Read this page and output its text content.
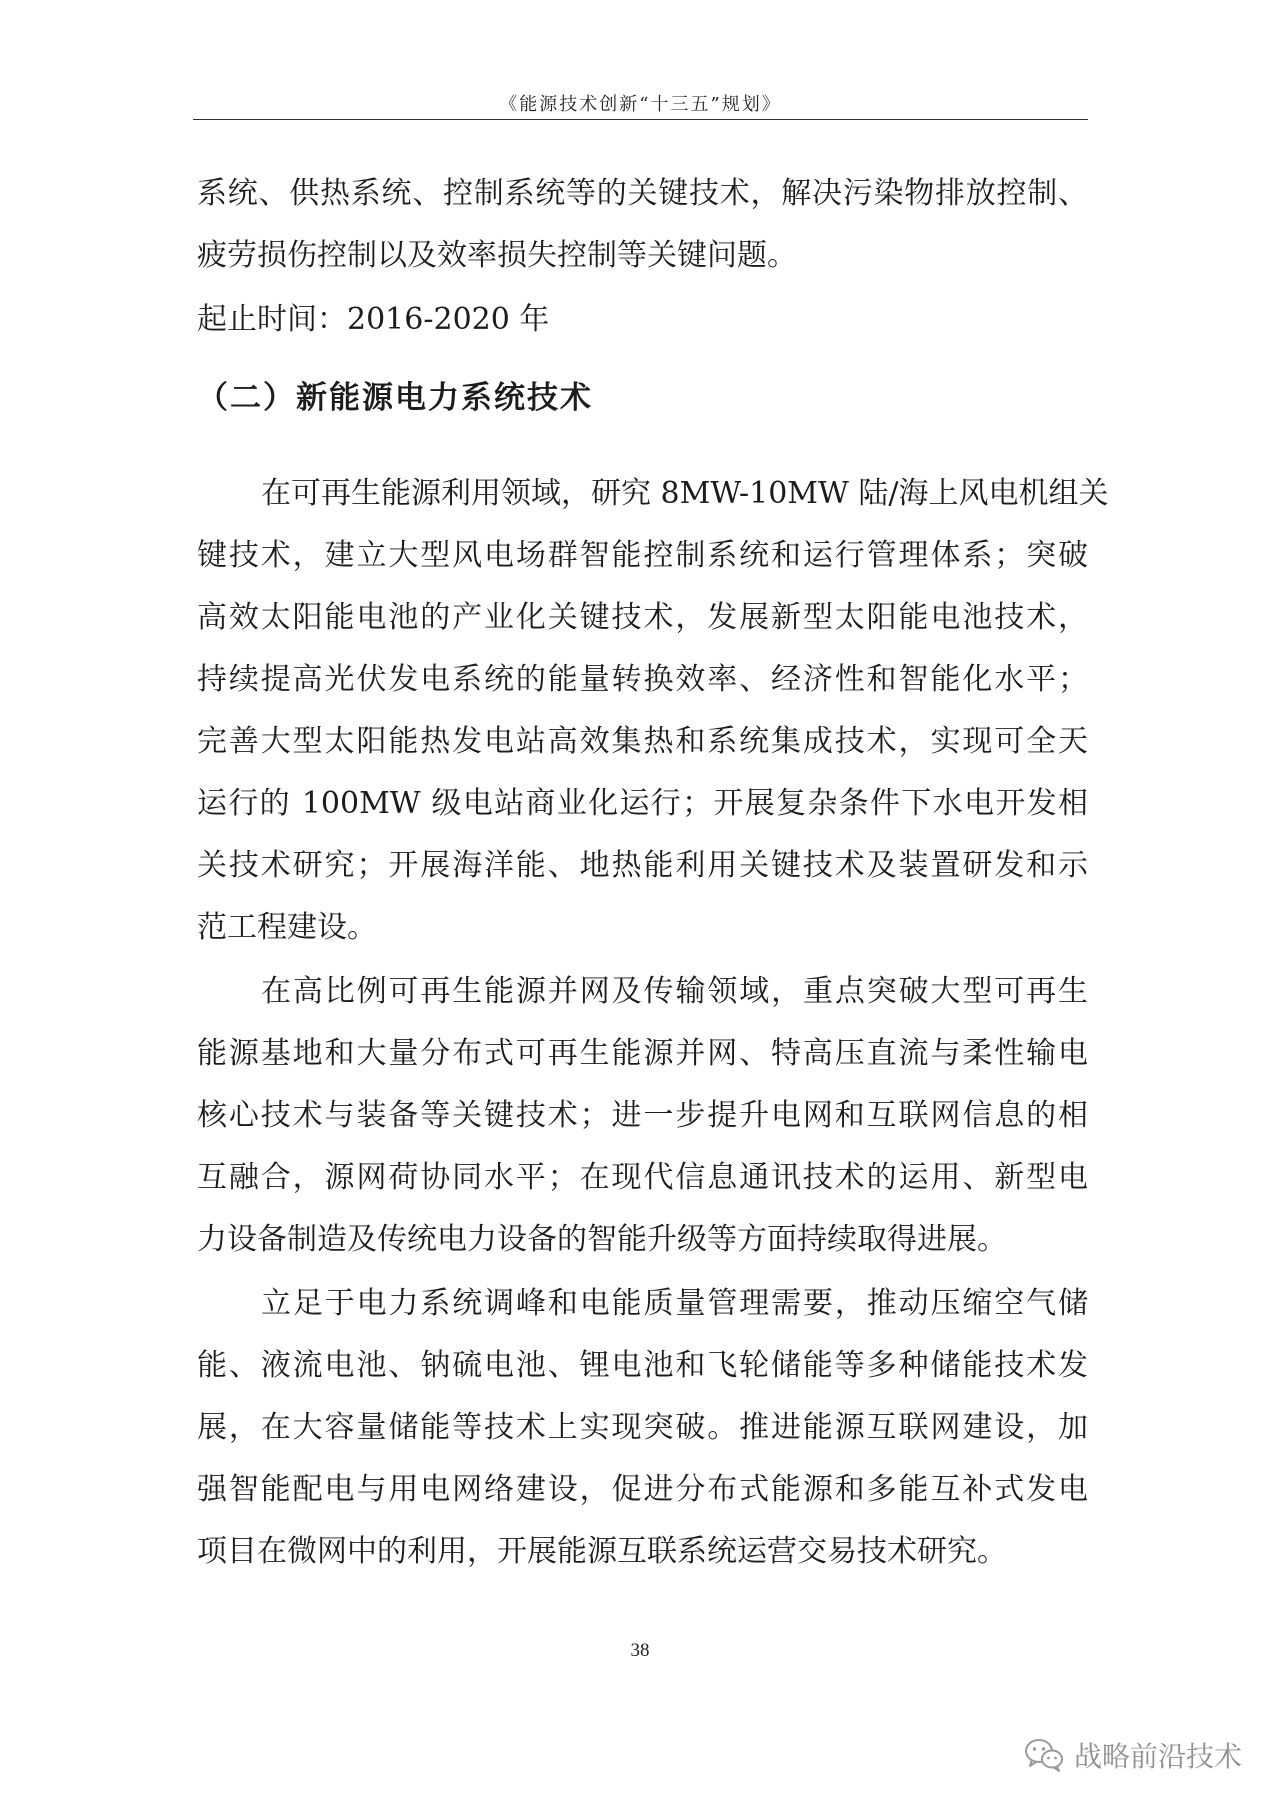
《能源技术创新“十三五”规划》
系统、供热系统、控制系统等的关键技术，解决污染物排放控制、
疲劳损伤控制以及效率损失控制等关键问题。
起止时间：2016-2020 年
（二）新能源电力系统技术
在可再生能源利用领域，研究 8MW-10MW 陆/海上风电机组关
键技术，建立大型风电场群智能控制系统和运行管理体系；突破
高效太阳能电池的产业化关键技术，发展新型太阳能电池技术，
持续提高光伏发电系统的能量转换效率、经济性和智能化水平；
完善大型太阳能热发电站高效集热和系统集成技术，实现可全天
运行的 100MW 级电站商业化运行；开展复杂条件下水电开发相
关技术研究；开展海洋能、地热能利用关键技术及装置研发和示
范工程建设。
在高比例可再生能源并网及传输领域，重点突破大型可再生
能源基地和大量分布式可再生能源并网、特高压直流与柔性输电
核心技术与装备等关键技术；进一步提升电网和互联网信息的相
互融合，源网荷协同水平；在现代信息通讯技术的运用、新型电
力设备制造及传统电力设备的智能升级等方面持续取得进展。
立足于电力系统调峰和电能质量管理需要，推动压缩空气储
能、液流电池、钠硫电池、锂电池和飞轮储能等多种储能技术发
展，在大容量储能等技术上实现突破。推进能源互联网建设，加
强智能配电与用电网络建设，促进分布式能源和多能互补式发电
项目在微网中的利用，开展能源互联系统运营交易技术研究。
38
战略前沿技术
